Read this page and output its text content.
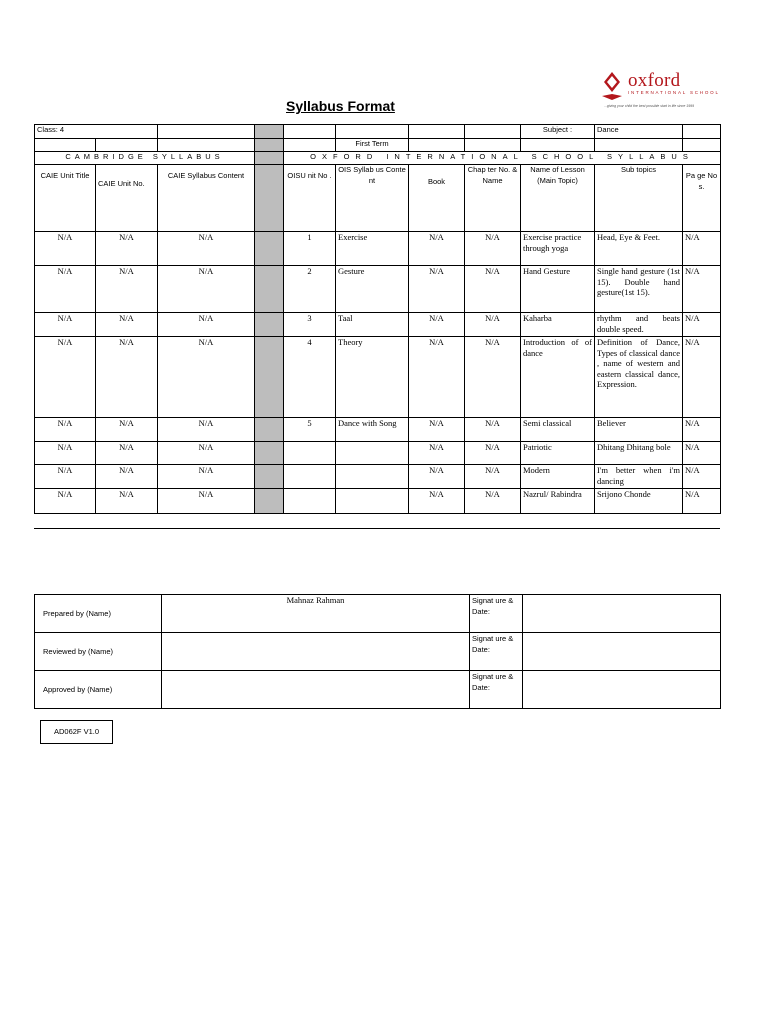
oxford
INTERNATIONAL SCHOOL
...giving your child the best possible start in life since 1999
Syllabus Format
Class: 4								Subject :	Dance	
					First Term					
CAMBRIDGE SYLLABUS				OXFORD INTERNATIONAL SCHOOL SYLLABUS						
CAIE Unit Title	CAIE Unit No.	CAIE Syllabus Content		OISU nit No .	OIS Syllab us Conte nt	Book	Chap ter No. & Name	Name of Lesson (Main Topic)	Sub topics	Pa ge No s.
N/A	N/A	N/A		1	Exercise	N/A	N/A	Exercise practice through yoga	Head, Eye & Feet.	N/A
N/A	N/A	N/A		2	Gesture	N/A	N/A	Hand Gesture	Single hand gesture (1st 15). Double hand gesture(1st 15).	N/A
N/A	N/A	N/A		3	Taal	N/A	N/A	Kaharba	rhythm and beats double speed.	N/A
N/A	N/A	N/A		4	Theory	N/A	N/A	Introduction of of dance	Definition of Dance, Types of classical dance , name of western and eastern classical dance, Expression.	N/A
N/A	N/A	N/A		5	Dance with Song	N/A	N/A	Semi classical	Believer	N/A
N/A	N/A	N/A				N/A	N/A	Patriotic	Dhitang Dhitang bole	N/A
N/A	N/A	N/A				N/A	N/A	Modern	I'm better when i'm dancing	N/A
N/A	N/A	N/A				N/A	N/A	Nazrul/ Rabindra	Srijono Chonde	N/A
Prepared by (Name)	Mahnaz Rahman	Signat ure & Date:	
Reviewed by (Name)		Signat ure & Date:	
Approved by (Name)		Signat ure & Date:	
AD062F V1.0
